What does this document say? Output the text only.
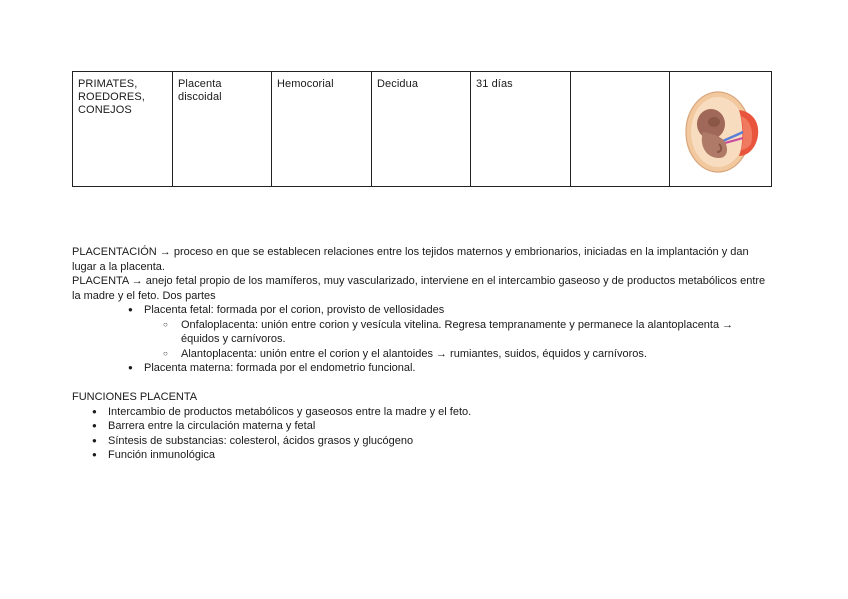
PRIMATES, ROEDORES, CONEJOS	Placenta discoidal	Hemocorial	Decidua	31 días		

PLACENTACIÓN → proceso en que se establecen relaciones entre los tejidos maternos y embrionarios, iniciadas en la implantación y dan lugar a la placenta.

PLACENTA → anejo fetal propio de los mamíferos, muy vascularizado, interviene en el intercambio gaseoso y de productos metabólicos entre la madre y el feto. Dos partes

● Placenta fetal: formada por el corion, provisto de vellosidades
○ Onfaloplacenta: unión entre corion y vesícula vitelina. Regresa tempranamente y permanece la alantoplacenta → équidos y carnívoros.
○ Alantoplacenta: unión entre el corion y el alantoides → rumiantes, suidos, équidos y carnívoros.
● Placenta materna: formada por el endometrio funcional.

FUNCIONES PLACENTA

● Intercambio de productos metabólicos y gaseosos entre la madre y el feto.
● Barrera entre la circulación materna y fetal
● Síntesis de substancias: colesterol, ácidos grasos y glucógeno
● Función inmunológica
